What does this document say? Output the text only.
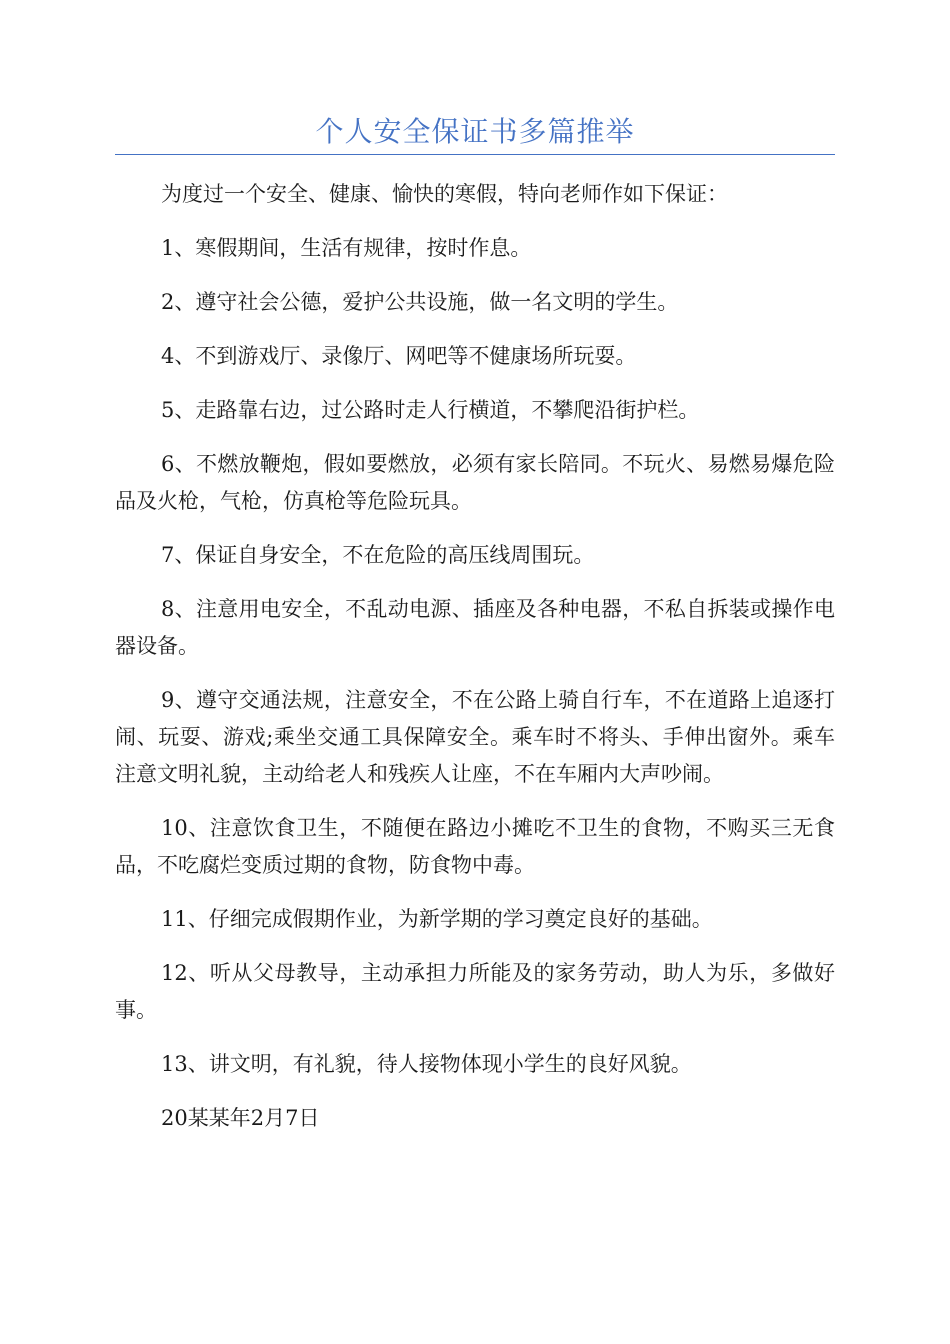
个人安全保证书多篇推举

为度过一个安全、健康、愉快的寒假，特向老师作如下保证：

1、寒假期间，生活有规律，按时作息。

2、遵守社会公德，爱护公共设施，做一名文明的学生。

4、不到游戏厅、录像厅、网吧等不健康场所玩耍。

5、走路靠右边，过公路时走人行横道，不攀爬沿街护栏。

6、不燃放鞭炮，假如要燃放，必须有家长陪同。不玩火、易燃易爆危险品及火枪，气枪，仿真枪等危险玩具。

7、保证自身安全，不在危险的高压线周围玩。

8、注意用电安全，不乱动电源、插座及各种电器，不私自拆装或操作电器设备。

9、遵守交通法规，注意安全，不在公路上骑自行车，不在道路上追逐打闹、玩耍、游戏;乘坐交通工具保障安全。乘车时不将头、手伸出窗外。乘车注意文明礼貌，主动给老人和残疾人让座，不在车厢内大声吵闹。

10、注意饮食卫生，不随便在路边小摊吃不卫生的食物，不购买三无食品，不吃腐烂变质过期的食物，防食物中毒。

11、仔细完成假期作业，为新学期的学习奠定良好的基础。

12、听从父母教导，主动承担力所能及的家务劳动，助人为乐，多做好事。

13、讲文明，有礼貌，待人接物体现小学生的良好风貌。

20某某年2月7日
